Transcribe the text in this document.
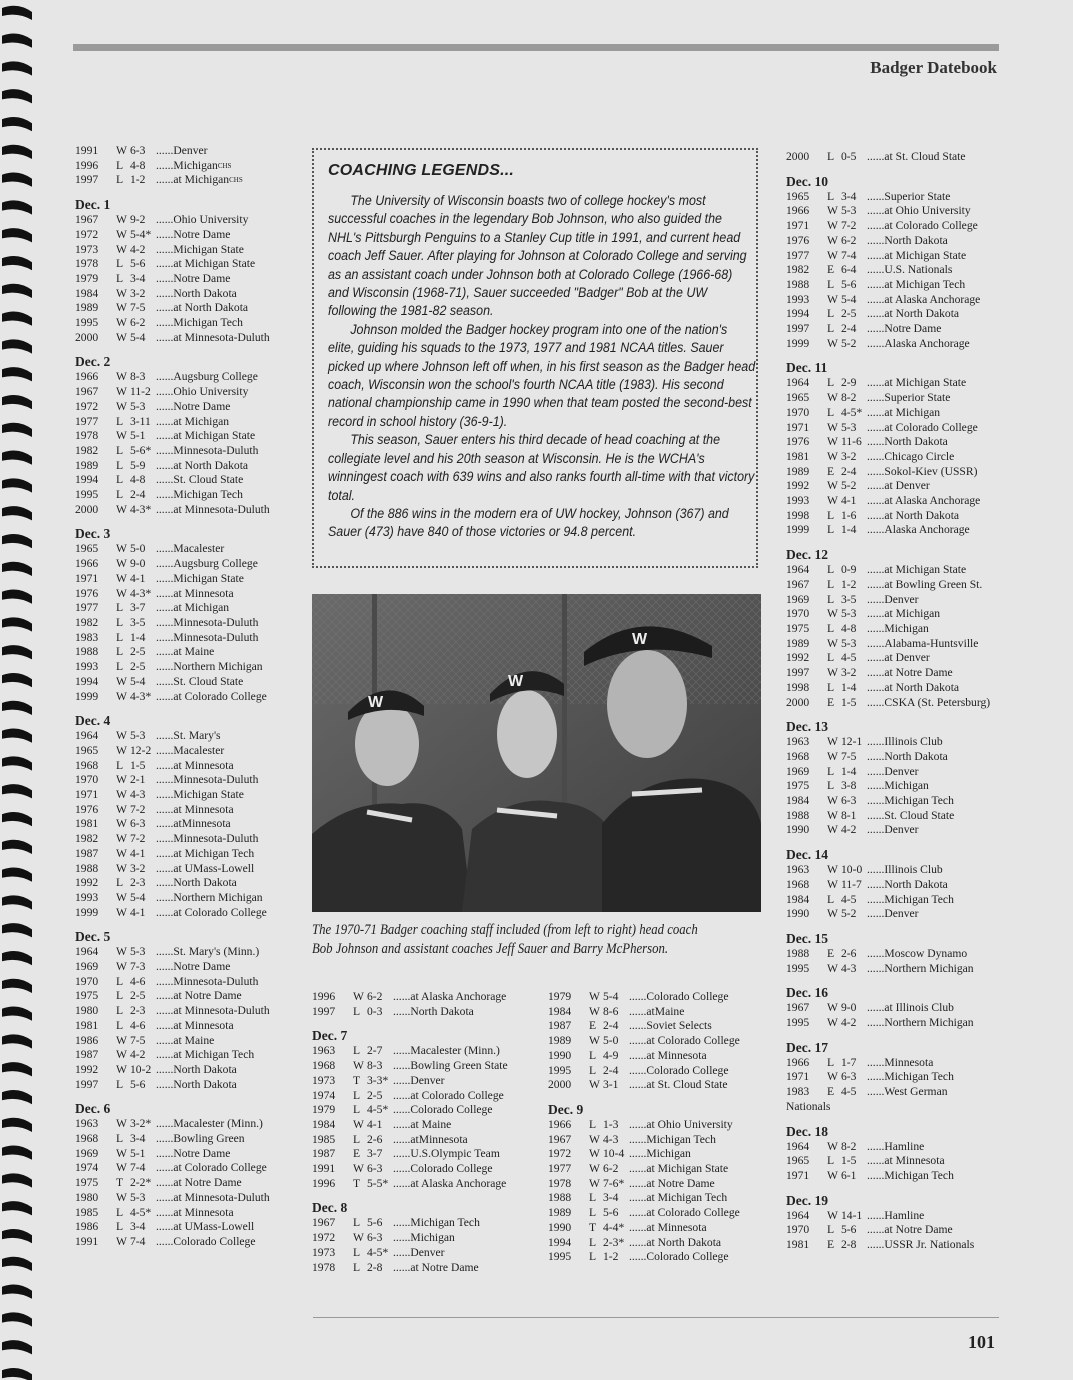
Badger Datebook
1991	W 6-3 ...... Denver
1996	L 4-8 ...... Michigan CHS
1997	L 1-2 ...... at Michigan CHS
Dec. 1
1967	W 9-2 ...... Ohio University
1972	W 5-4* ...... Notre Dame
1973	W 4-2 ...... Michigan State
1978	L 5-6 ...... at Michigan State
1979	L 3-4 ...... Notre Dame
1984	W 3-2 ...... North Dakota
1989	W 7-5 ...... at North Dakota
1995	W 6-2 ...... Michigan Tech
2000	W 5-4 ...... at Minnesota-Duluth
Dec. 2
1966	W 8-3 ...... Augsburg College
1967	W 11-2 ...... Ohio University
1972	W 5-3 ...... Notre Dame
1977	L 3-11 ...... at Michigan
1978	W 5-1 ...... at Michigan State
1982	L 5-6* ...... Minnesota-Duluth
1989	L 5-9 ...... at North Dakota
1994	L 4-8 ...... St. Cloud State
1995	L 2-4 ...... Michigan Tech
2000	W 4-3* ...... at Minnesota-Duluth
Dec. 3
1965	W 5-0 ...... Macalester
1966	W 9-0 ...... Augsburg College
1971	W 4-1 ...... Michigan State
1976	W 4-3* ...... at Minnesota
1977	L 3-7 ...... at Michigan
1982	L 3-5 ...... Minnesota-Duluth
1983	L 1-4 ...... Minnesota-Duluth
1988	L 2-5 ...... at Maine
1993	L 2-5 ...... Northern Michigan
1994	W 5-4 ...... St. Cloud State
1999	W 4-3* ...... at Colorado College
Dec. 4
1964	W 5-3 ...... St. Mary's
1965	W 12-2 ...... Macalester
1968	L 1-5 ...... at Minnesota
1970	W 2-1 ...... Minnesota-Duluth
1971	W 4-3 ...... Michigan State
1976	W 7-2 ...... at Minnesota
1981	W 6-3 ...... atMinnesota
1982	W 7-2 ...... Minnesota-Duluth
1987	W 4-1 ...... at Michigan Tech
1988	W 3-2 ...... at UMass-Lowell
1992	L 2-3 ...... North Dakota
1993	W 5-4 ...... Northern Michigan
1999	W 4-1 ...... at Colorado College
Dec. 5
1964	W 5-3 ...... St. Mary's (Minn.)
1969	W 7-3 ...... Notre Dame
1970	L 4-6 ...... Minnesota-Duluth
1975	L 2-5 ...... at Notre Dame
1980	L 2-3 ...... at Minnesota-Duluth
1981	L 4-6 ...... at Minnesota
1986	W 7-5 ...... at Maine
1987	W 4-2 ...... at Michigan Tech
1992	W 10-2 ...... North Dakota
1997	L 5-6 ...... North Dakota
Dec. 6
1963	W 3-2* ...... Macalester (Minn.)
1968	L 3-4 ...... Bowling Green
1969	W 5-1 ...... Notre Dame
1974	W 7-4 ...... at Colorado College
1975	T 2-2* ...... at Notre Dame
1980	W 5-3 ...... at Minnesota-Duluth
1985	L 4-5* ...... at Minnesota
1986	L 3-4 ...... at UMass-Lowell
1991	W 7-4 ...... Colorado College
COACHING LEGENDS...

The University of Wisconsin boasts two of college hockey's most successful coaches in the legendary Bob Johnson, who also guided the NHL's Pittsburgh Penguins to a Stanley Cup title in 1991, and current head coach Jeff Sauer. After playing for Johnson at Colorado College and serving as an assistant coach under Johnson both at Colorado College (1966-68) and Wisconsin (1968-71), Sauer succeeded "Badger" Bob at the UW following the 1981-82 season.

Johnson molded the Badger hockey program into one of the nation's elite, guiding his squads to the 1973, 1977 and 1981 NCAA titles. Sauer picked up where Johnson left off when, in his first season as the Badger head coach, Wisconsin won the school's fourth NCAA title (1983). His second national championship came in 1990 when that team posted the second-best record in school history (36-9-1).

This season, Sauer enters his third decade of head coaching at the collegiate level and his 20th season at Wisconsin. He is the WCHA's winningest coach with 639 wins and also ranks fourth all-time with that victory total.

Of the 886 wins in the modern era of UW hockey, Johnson (367) and Sauer (473) have 840 of those victories or 94.8 percent.

W
W
W
The 1970-71 Badger coaching staff included (from left to right) head coach Bob Johnson and assistant coaches Jeff Sauer and Barry McPherson.
1996	W 6-2 ...... at Alaska Anchorage
1997	L 0-3 ...... North Dakota
Dec. 7
1963	L 2-7 ...... Macalester (Minn.)
1968	W 8-3 ...... Bowling Green State
1973	T 3-3* ...... Denver
1974	L 2-5 ...... at Colorado College
1979	L 4-5* ...... Colorado College
1984	W 4-1 ...... at Maine
1985	L 2-6 ...... atMinnesota
1987	E 3-7 ...... U.S.Olympic Team
1991	W 6-3 ...... Colorado College
1996	T 5-5* ...... at Alaska Anchorage
Dec. 8
1967	L 5-6 ...... Michigan Tech
1972	W 6-3 ...... Michigan
1973	L 4-5* ...... Denver
1978	L 2-8 ...... at Notre Dame
1979	W 5-4 ...... Colorado College
1984	W 8-6 ...... atMaine
1987	E 2-4 ...... Soviet Selects
1989	W 5-0 ...... at Colorado College
1990	L 4-9 ...... at Minnesota
1995	L 2-4 ...... Colorado College
2000	W 3-1 ...... at St. Cloud State
Dec. 9
1966	L 1-3 ...... at Ohio University
1967	W 4-3 ...... Michigan Tech
1972	W 10-4 ...... Michigan
1977	W 6-2 ...... at Michigan State
1978	W 7-6* ...... at Notre Dame
1988	L 3-4 ...... at Michigan Tech
1989	L 5-6 ...... at Colorado College
1990	T 4-4* ...... at Minnesota
1994	L 2-3* ...... at North Dakota
1995	L 1-2 ...... Colorado College
2000	L 0-5 ...... at St. Cloud State
Dec. 10
1965	L 3-4 ...... Superior State
1966	W 5-3 ...... at Ohio University
1971	W 7-2 ...... at Colorado College
1976	W 6-2 ...... North Dakota
1977	W 7-4 ...... at Michigan State
1982	E 6-4 ...... U.S. Nationals
1988	L 5-6 ...... at Michigan Tech
1993	W 5-4 ...... at Alaska Anchorage
1994	L 2-5 ...... at North Dakota
1997	L 2-4 ...... Notre Dame
1999	W 5-2 ...... Alaska Anchorage
Dec. 11
1964	L 2-9 ...... at Michigan State
1965	W 8-2 ...... Superior State
1970	L 4-5* ...... at Michigan
1971	W 5-3 ...... at Colorado College
1976	W 11-6 ...... North Dakota
1981	W 3-2 ...... Chicago Circle
1989	E 2-4 ...... Sokol-Kiev (USSR)
1992	W 5-2 ...... at Denver
1993	W 4-1 ...... at Alaska Anchorage
1998	L 1-6 ...... at North Dakota
1999	L 1-4 ...... Alaska Anchorage
Dec. 12
1964	L 0-9 ...... at Michigan State
1967	L 1-2 ...... at Bowling Green St.
1969	L 3-5 ...... Denver
1970	W 5-3 ...... at Michigan
1975	L 4-8 ...... Michigan
1989	W 5-3 ...... Alabama-Huntsville
1992	L 4-5 ...... at Denver
1997	W 3-2 ...... at Notre Dame
1998	L 1-4 ...... at North Dakota
2000	E 1-5 ...... CSKA (St. Petersburg)
Dec. 13
1963	W 12-1 ...... Illinois Club
1968	W 7-5 ...... North Dakota
1969	L 1-4 ...... Denver
1975	L 3-8 ...... Michigan
1984	W 6-3 ...... Michigan Tech
1988	W 8-1 ...... St. Cloud State
1990	W 4-2 ...... Denver
Dec. 14
1963	W 10-0 ...... Illinois Club
1968	W 11-7 ...... North Dakota
1984	L 4-5 ...... Michigan Tech
1990	W 5-2 ...... Denver
Dec. 15
1988	E 2-6 ...... Moscow Dynamo
1995	W 4-3 ...... Northern Michigan
Dec. 16
1967	W 9-0 ...... at Illinois Club
1995	W 4-2 ...... Northern Michigan
Dec. 17
1966	L 1-7 ...... Minnesota
1971	W 6-3 ...... Michigan Tech
1983	E 4-5 ...... West German
Nationals
Dec. 18
1964	W 8-2 ...... Hamline
1965	L 1-5 ...... at Minnesota
1971	W 6-1 ...... Michigan Tech
Dec. 19
1964	W 14-1 ...... Hamline
1970	L 5-6 ...... at Notre Dame
1981	E 2-8 ...... USSR Jr. Nationals
101
